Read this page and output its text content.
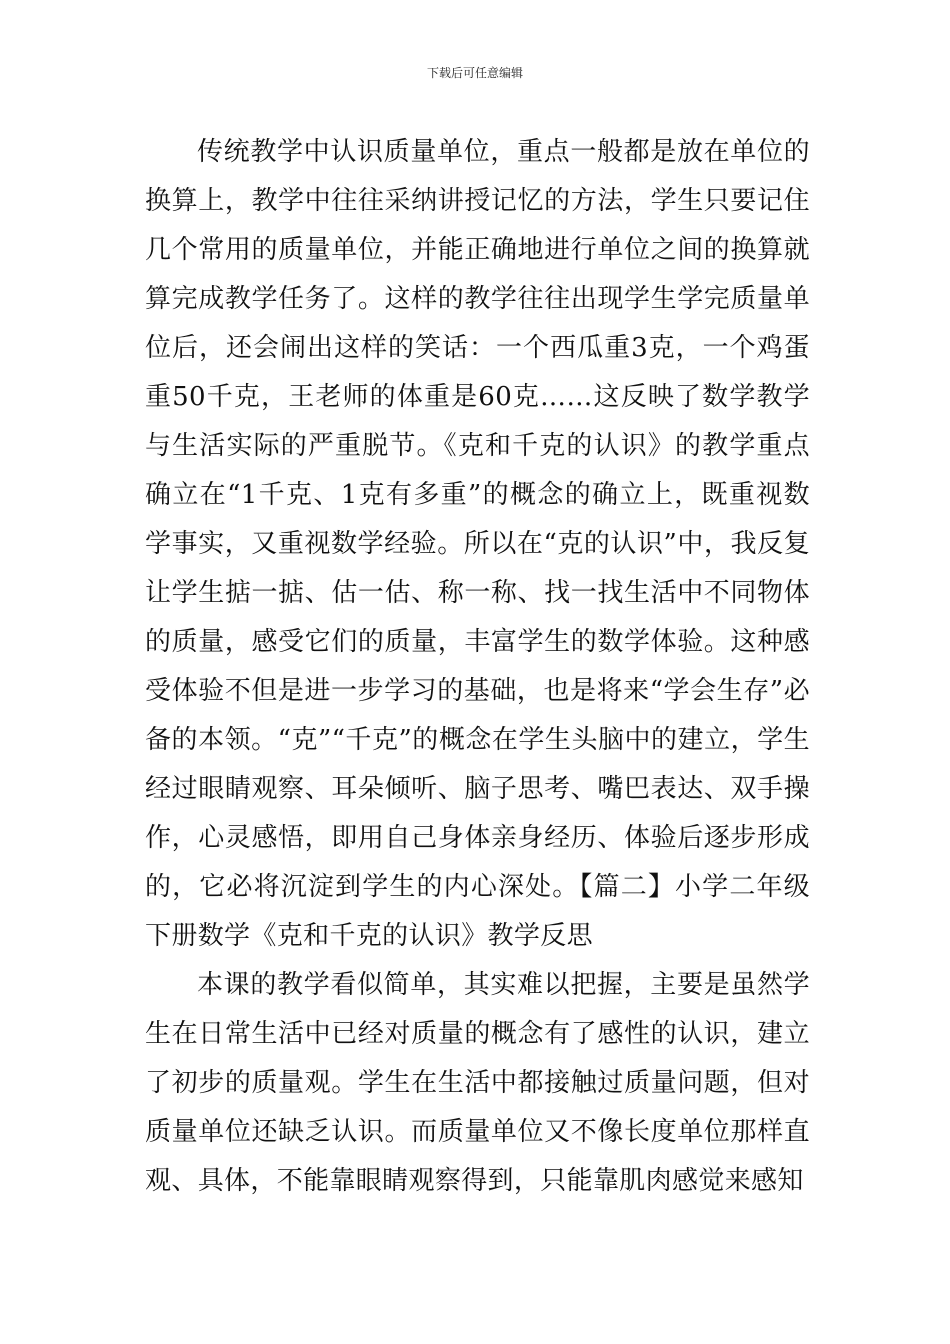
下载后可任意编辑

传统教学中认识质量单位，重点一般都是放在单位的换算上，教学中往往采纳讲授记忆的方法，学生只要记住几个常用的质量单位，并能正确地进行单位之间的换算就算完成教学任务了。这样的教学往往出现学生学完质量单位后，还会闹出这样的笑话：一个西瓜重3克，一个鸡蛋重50千克，王老师的体重是60克……这反映了数学教学与生活实际的严重脱节。《克和千克的认识》的教学重点确立在“1千克、1克有多重”的概念的确立上，既重视数学事实，又重视数学经验。所以在“克的认识”中，我反复让学生掂一掂、估一估、称一称、找一找生活中不同物体的质量，感受它们的质量，丰富学生的数学体验。这种感受体验不但是进一步学习的基础，也是将来“学会生存”必备的本领。“克”“千克”的概念在学生头脑中的建立，学生经过眼睛观察、耳朵倾听、脑子思考、嘴巴表达、双手操作，心灵感悟，即用自己身体亲身经历、体验后逐步形成的，它必将沉淀到学生的内心深处。【篇二】小学二年级下册数学《克和千克的认识》教学反思

本课的教学看似简单，其实难以把握，主要是虽然学生在日常生活中已经对质量的概念有了感性的认识，建立了初步的质量观。学生在生活中都接触过质量问题，但对质量单位还缺乏认识。而质量单位又不像长度单位那样直观、具体，不能靠眼睛观察得到，只能靠肌肉感觉来感知
